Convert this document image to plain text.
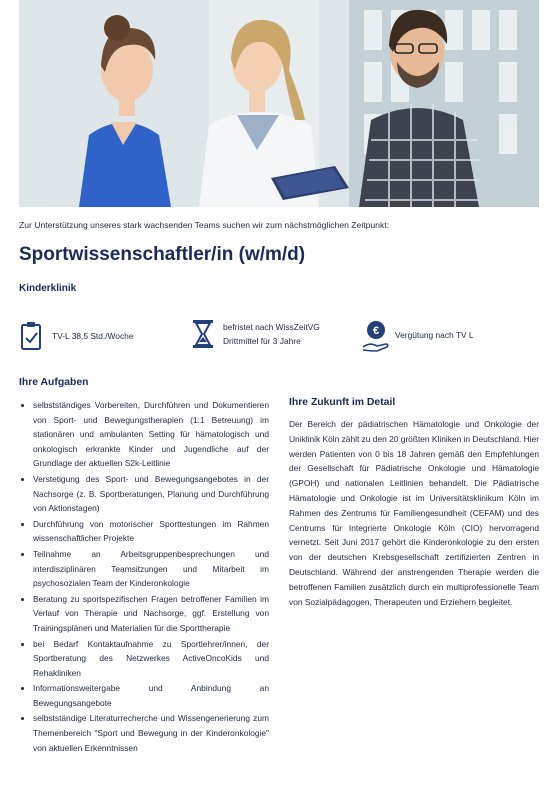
Zur Unterstützung unseres stark wachsenden Teams suchen wir zum nächstmöglichen Zeitpunkt:
Sportwissenschaftler/in (w/m/d)
Kinderklinik
TV-L 38,5 Std./Woche
befristet nach WissZeitVG
Drittmittel für 3 Jahre
€ Vergütung nach TV L
Ihre Aufgaben
• selbstständiges Vorbereiten, Durchführen und Dokumentieren von Sport- und Bewegungstherapien (1:1 Betreuung) im stationären und ambulanten Setting für hämatologisch und onkologisch erkrankte Kinder und Jugendliche auf der Grundlage der aktuellen S2k-Leitlinie
• Verstetigung des Sport- und Bewegungsangebotes in der Nachsorge (z. B. Sportberatungen, Planung und Durchführung von Aktionstagen)
• Durchführung von motorischer Sporttestungen im Rahmen wissenschaftlicher Projekte
• Teilnahme an Arbeitsgruppenbesprechungen und interdisziplinären Teamsitzungen und Mitarbeit im psychosozialen Team der Kinderonkologie
• Beratung zu sportspezifischen Fragen betroffener Familien im Verlauf von Therapie und Nachsorge, ggf. Erstellung von Trainingsplänen und Materialien für die Sporttherapie
• bei Bedarf Kontaktaufnahme zu Sportlehrer/innen, der Sportberatung des Netzwerkes ActiveOncoKids und Rehakliniken
• Informationsweitergabe und Anbindung an Bewegungsangebote
• selbstständige Literaturrecherche und Wissengenerierung zum Themenbereich "Sport und Bewegung in der Kinderonkologie" von aktuellen Erkenntnissen
Ihre Zukunft im Detail

Der Bereich der pädiatrischen Hämatologie und Onkologie der Uniklinik Köln zählt zu den 20 größten Kliniken in Deutschland. Hier werden Patienten von 0 bis 18 Jahren gemäß den Empfehlungen der Gesellschaft für Pädiatrische Onkologie und Hämatologie (GPOH) und nationalen Leitlinien behandelt. Die Pädiatrische Hämatologie und Onkologie ist im Universitätsklinikum Köln im Rahmen des Zentrums für Familiengesundheit (CEFAM) und des Centrums für Integrierte Onkologie Köln (CIO) hervorragend vernetzt. Seit Juni 2017 gehört die Kinderonkologie zu den ersten von der deutschen Krebsgesellschaft zertifizierten Zentren in Deutschland. Während der anstrengenden Therapie werden die betroffenen Familien zusätzlich durch ein multiprofessionelle Team von Sozialpädagogen, Therapeuten und Erziehern begleitet.
